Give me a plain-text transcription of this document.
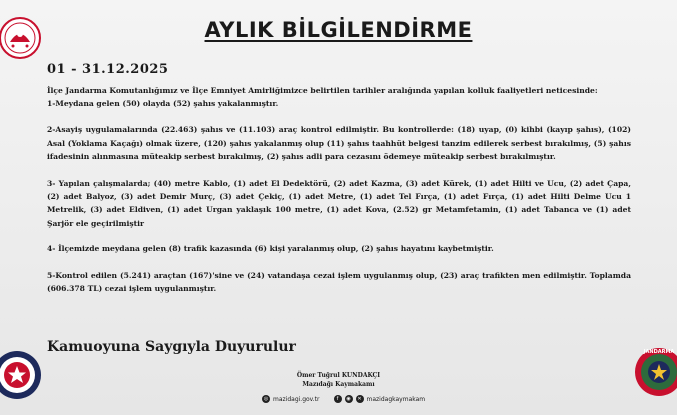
AYLIK BİLGİLENDİRME
01 - 31.12.2025

İlçe Jandarma Komutanlığımız ve İlçe Emniyet Amirliğimizce belirtilen tarihler aralığında yapılan kolluk faaliyetleri neticesinde:

1-Meydana gelen (50) olayda (52) şahıs yakalanmıştır.

2-Asayiş uygulamalarında (22.463) şahıs ve (11.103) araç kontrol edilmiştir. Bu kontrollerde: (18) uyap, (0) kihbi (kayıp şahıs), (102) Asal (Yoklama Kaçağı) olmak üzere, (120) şahıs yakalanmış olup (11) şahıs taahhüt belgesi tanzim edilerek serbest bırakılmış, (5) şahıs ifadesinin alınmasına müteakip serbest bırakılmış, (2) şahıs adli para cezasını ödemeye müteakip serbest bırakılmıştır.

3- Yapılan çalışmalarda; (40) metre Kablo, (1) adet El Dedektörü, (2) adet Kazma, (3) adet Kürek, (1) adet Hilti ve Ucu, (2) adet Çapa, (2) adet Balyoz, (3) adet Demir Murç, (3) adet Çekiç, (1) adet Metre, (1) adet Tel Fırça, (1) adet Fırça, (1) adet Hilti Delme Ucu 1 Metrelik, (3) adet Eldiven, (1) adet Urgan yaklaşık 100 metre, (1) adet Kova, (2.52) gr Metamfetamin, (1) adet Tabanca ve (1) adet Şarjör ele geçirilmiştir

4- İlçemizde meydana gelen (8) trafik kazasında (6) kişi yaralanmış olup, (2) şahıs hayatını kaybetmiştir.

5-Kontrol edilen (5.241) araçtan (167)'sine ve (24) vatandaşa cezai işlem uygulanmış olup, (23) araç trafikten men edilmiştir. Toplamda (606.378 TL) cezai işlem uygulanmıştır.

Kamuoyuna Saygıyla Duyurulur
Ömer Tuğrul KUNDAKÇI
Mazıdağı Kaymakamı
◎ mazidagi.gov.tr	f	◉	✕ mazidagkaymakam
JANDARMA
